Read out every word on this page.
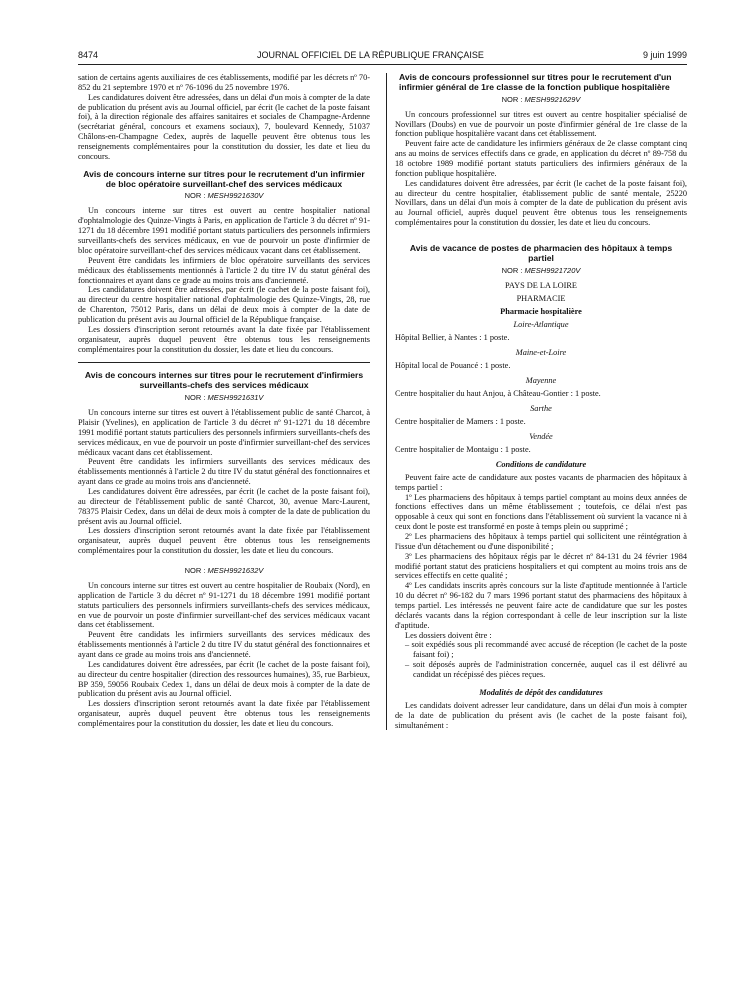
8474	JOURNAL OFFICIEL DE LA RÉPUBLIQUE FRANÇAISE	9 juin 1999

sation de certains agents auxiliaires de ces établissements, modifié par les décrets nº 70-852 du 21 septembre 1970 et nº 76-1096 du 25 novembre 1976.

Les candidatures doivent être adressées, dans un délai d'un mois à compter de la date de publication du présent avis au Journal officiel, par écrit (le cachet de la poste faisant foi), à la direction régionale des affaires sanitaires et sociales de Champagne-Ardenne (secrétariat général, concours et examens sociaux), 7, boulevard Kennedy, 51037 Châlons-en-Champagne Cedex, auprès de laquelle peuvent être obtenus tous les renseignements complémentaires pour la constitution du dossier, les date et lieu du concours.

Avis de concours interne sur titres pour le recrutement d'un infirmier de bloc opératoire surveillant-chef des services médicaux
NOR : MESH9921630V

Un concours interne sur titres est ouvert au centre hospitalier national d'ophtalmologie des Quinze-Vingts à Paris, en application de l'article 3 du décret nº 91-1271 du 18 décembre 1991 modifié portant statuts particuliers des personnels infirmiers surveillants-chefs des services médicaux, en vue de pourvoir un poste d'infirmier de bloc opératoire surveillant-chef des services médicaux vacant dans cet établissement.

Peuvent être candidats les infirmiers de bloc opératoire surveillants des services médicaux des établissements mentionnés à l'article 2 du titre IV du statut général des fonctionnaires et ayant dans ce grade au moins trois ans d'ancienneté.

Les candidatures doivent être adressées, par écrit (le cachet de la poste faisant foi), au directeur du centre hospitalier national d'ophtalmologie des Quinze-Vingts, 28, rue de Charenton, 75012 Paris, dans un délai de deux mois à compter de la date de publication du présent avis au Journal officiel de la République française.

Les dossiers d'inscription seront retournés avant la date fixée par l'établissement organisateur, auprès duquel peuvent être obtenus tous les renseignements complémentaires pour la constitution du dossier, les date et lieu du concours.

Avis de concours internes sur titres pour le recrutement d'infirmiers surveillants-chefs des services médicaux
NOR : MESH9921631V

Un concours interne sur titres est ouvert à l'établissement public de santé Charcot, à Plaisir (Yvelines), en application de l'article 3 du décret nº 91-1271 du 18 décembre 1991 modifié portant statuts particuliers des personnels infirmiers surveillants-chefs des services médicaux, en vue de pourvoir un poste d'infirmier surveillant-chef des services médicaux vacant dans cet établissement.

Peuvent être candidats les infirmiers surveillants des services médicaux des établissements mentionnés à l'article 2 du titre IV du statut général des fonctionnaires et ayant dans ce grade au moins trois ans d'ancienneté.

Les candidatures doivent être adressées, par écrit (le cachet de la poste faisant foi), au directeur de l'établissement public de santé Charcot, 30, avenue Marc-Laurent, 78375 Plaisir Cedex, dans un délai de deux mois à compter de la date de publication du présent avis au Journal officiel.

Les dossiers d'inscription seront retournés avant la date fixée par l'établissement organisateur, auprès duquel peuvent être obtenus tous les renseignements complémentaires pour la constitution du dossier, les date et lieu du concours.

NOR : MESH9921632V

Un concours interne sur titres est ouvert au centre hospitalier de Roubaix (Nord), en application de l'article 3 du décret nº 91-1271 du 18 décembre 1991 modifié portant statuts particuliers des personnels infirmiers surveillants-chefs des services médicaux, en vue de pourvoir un poste d'infirmier surveillant-chef des services médicaux vacant dans cet établissement.

Peuvent être candidats les infirmiers surveillants des services médicaux des établissements mentionnés à l'article 2 du titre IV du statut général des fonctionnaires et ayant dans ce grade au moins trois ans d'ancienneté.

Les candidatures doivent être adressées, par écrit (le cachet de la poste faisant foi), au directeur du centre hospitalier (direction des ressources humaines), 35, rue Barbieux, BP 359, 59056 Roubaix Cedex 1, dans un délai de deux mois à compter de la date de publication du présent avis au Journal officiel.

Les dossiers d'inscription seront retournés avant la date fixée par l'établissement organisateur, auprès duquel peuvent être obtenus tous les renseignements complémentaires pour la constitution du dossier, les date et lieu du concours.

Avis de concours professionnel sur titres pour le recrutement d'un infirmier général de 1re classe de la fonction publique hospitalière
NOR : MESH9921629V

Un concours professionnel sur titres est ouvert au centre hospitalier spécialisé de Novillars (Doubs) en vue de pourvoir un poste d'infirmier général de 1re classe de la fonction publique hospitalière vacant dans cet établissement.

Peuvent faire acte de candidature les infirmiers généraux de 2e classe comptant cinq ans au moins de services effectifs dans ce grade, en application du décret nº 89-758 du 18 octobre 1989 modifié portant statuts particuliers des infirmiers généraux de la fonction publique hospitalière.

Les candidatures doivent être adressées, par écrit (le cachet de la poste faisant foi), au directeur du centre hospitalier, établissement public de santé mentale, 25220 Novillars, dans un délai d'un mois à compter de la date de publication du présent avis au Journal officiel, auprès duquel peuvent être obtenus tous les renseignements complémentaires pour la constitution du dossier, les date et lieu du concours.

Avis de vacance de postes de pharmacien des hôpitaux à temps partiel
NOR : MESH9921720V
PAYS DE LA LOIRE
PHARMACIE
Pharmacie hospitalière
Loire-Atlantique
Hôpital Bellier, à Nantes : 1 poste.
Maine-et-Loire
Hôpital local de Pouancé : 1 poste.
Mayenne
Centre hospitalier du haut Anjou, à Château-Gontier : 1 poste.
Sarthe
Centre hospitalier de Mamers : 1 poste.
Vendée
Centre hospitalier de Montaigu : 1 poste.
Conditions de candidature

Peuvent faire acte de candidature aux postes vacants de pharmacien des hôpitaux à temps partiel :

1º Les pharmaciens des hôpitaux à temps partiel comptant au moins deux années de fonctions effectives dans un même établissement ; toutefois, ce délai n'est pas opposable à ceux qui sont en fonctions dans l'établissement où survient la vacance ni à ceux dont le poste est transformé en poste à temps plein ou supprimé ;

2º Les pharmaciens des hôpitaux à temps partiel qui sollicitent une réintégration à l'issue d'un détachement ou d'une disponibilité ;

3º Les pharmaciens des hôpitaux régis par le décret nº 84-131 du 24 février 1984 modifié portant statut des praticiens hospitaliers et qui comptent au moins trois ans de services effectifs en cette qualité ;

4º Les candidats inscrits après concours sur la liste d'aptitude mentionnée à l'article 10 du décret nº 96-182 du 7 mars 1996 portant statut des pharmaciens des hôpitaux à temps partiel. Les intéressés ne peuvent faire acte de candidature que sur les postes déclarés vacants dans la région correspondant à celle de leur inscription sur la liste d'aptitude.

Les dossiers doivent être :

– soit expédiés sous pli recommandé avec accusé de réception (le cachet de la poste faisant foi) ;
– soit déposés auprès de l'administration concernée, auquel cas il est délivré au candidat un récépissé des pièces reçues.
Modalités de dépôt des candidatures

Les candidats doivent adresser leur candidature, dans un délai d'un mois à compter de la date de publication du présent avis (le cachet de la poste faisant foi), simultanément :
